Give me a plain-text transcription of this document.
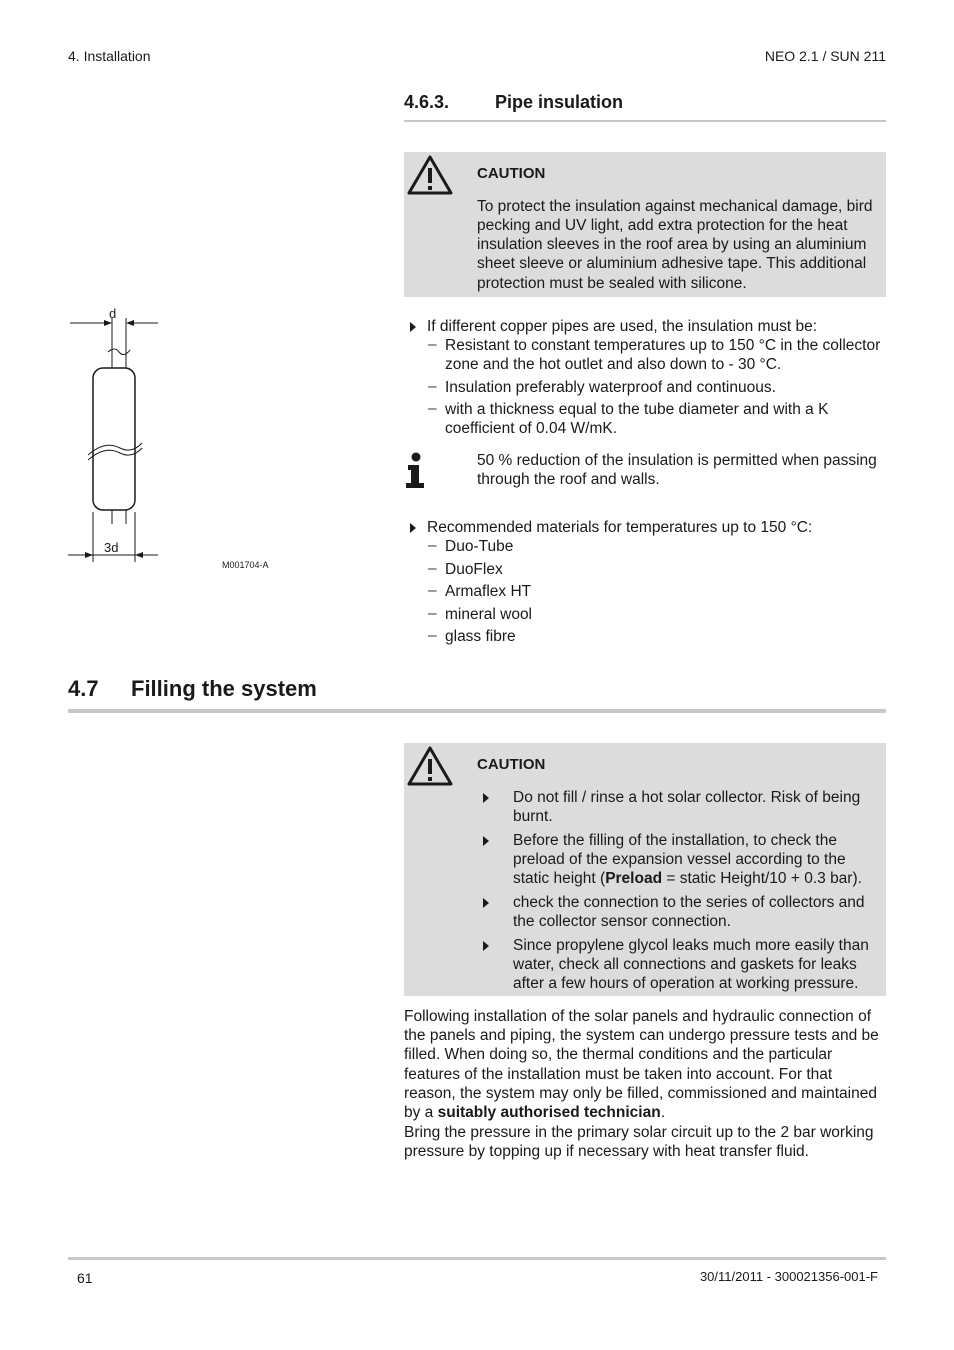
4. Installation	NEO 2.1 / SUN 211
4.6.3.	Pipe insulation
CAUTION
To protect the insulation against mechanical damage, bird
pecking and UV light, add extra protection for the heat
insulation sleeves in the roof area by using an aluminium
sheet sleeve or aluminium adhesive tape. This additional
protection must be sealed with silicone.
d
3d
M001704-A
If different copper pipes are used, the insulation must be:
– Resistant to constant temperatures up to 150 °C in the collector
zone and the hot outlet and also down to - 30 °C.
– Insulation preferably waterproof and continuous.
– with a thickness equal to the tube diameter and with a K
coefficient of 0.04 W/mK.
50 % reduction of the insulation is permitted when passing
through the roof and walls.
Recommended materials for temperatures up to 150 °C:
– Duo-Tube
– DuoFlex
– Armaflex HT
– mineral wool
– glass fibre
4.7 Filling the system
CAUTION
Do not fill / rinse a hot solar collector. Risk of being
burnt.
Before the filling of the installation, to check the
preload of the expansion vessel according to the
static height (Preload = static Height/10 + 0.3 bar).
check the connection to the series of collectors and
the collector sensor connection.
Since propylene glycol leaks much more easily than
water, check all connections and gaskets for leaks
after a few hours of operation at working pressure.
Following installation of the solar panels and hydraulic connection of
the panels and piping, the system can undergo pressure tests and be
filled. When doing so, the thermal conditions and the particular
features of the installation must be taken into account. For that
reason, the system may only be filled, commissioned and maintained
by a suitably authorised technician.
Bring the pressure in the primary solar circuit up to the 2 bar working
pressure by topping up if necessary with heat transfer fluid.
61	30/11/2011 - 300021356-001-F
